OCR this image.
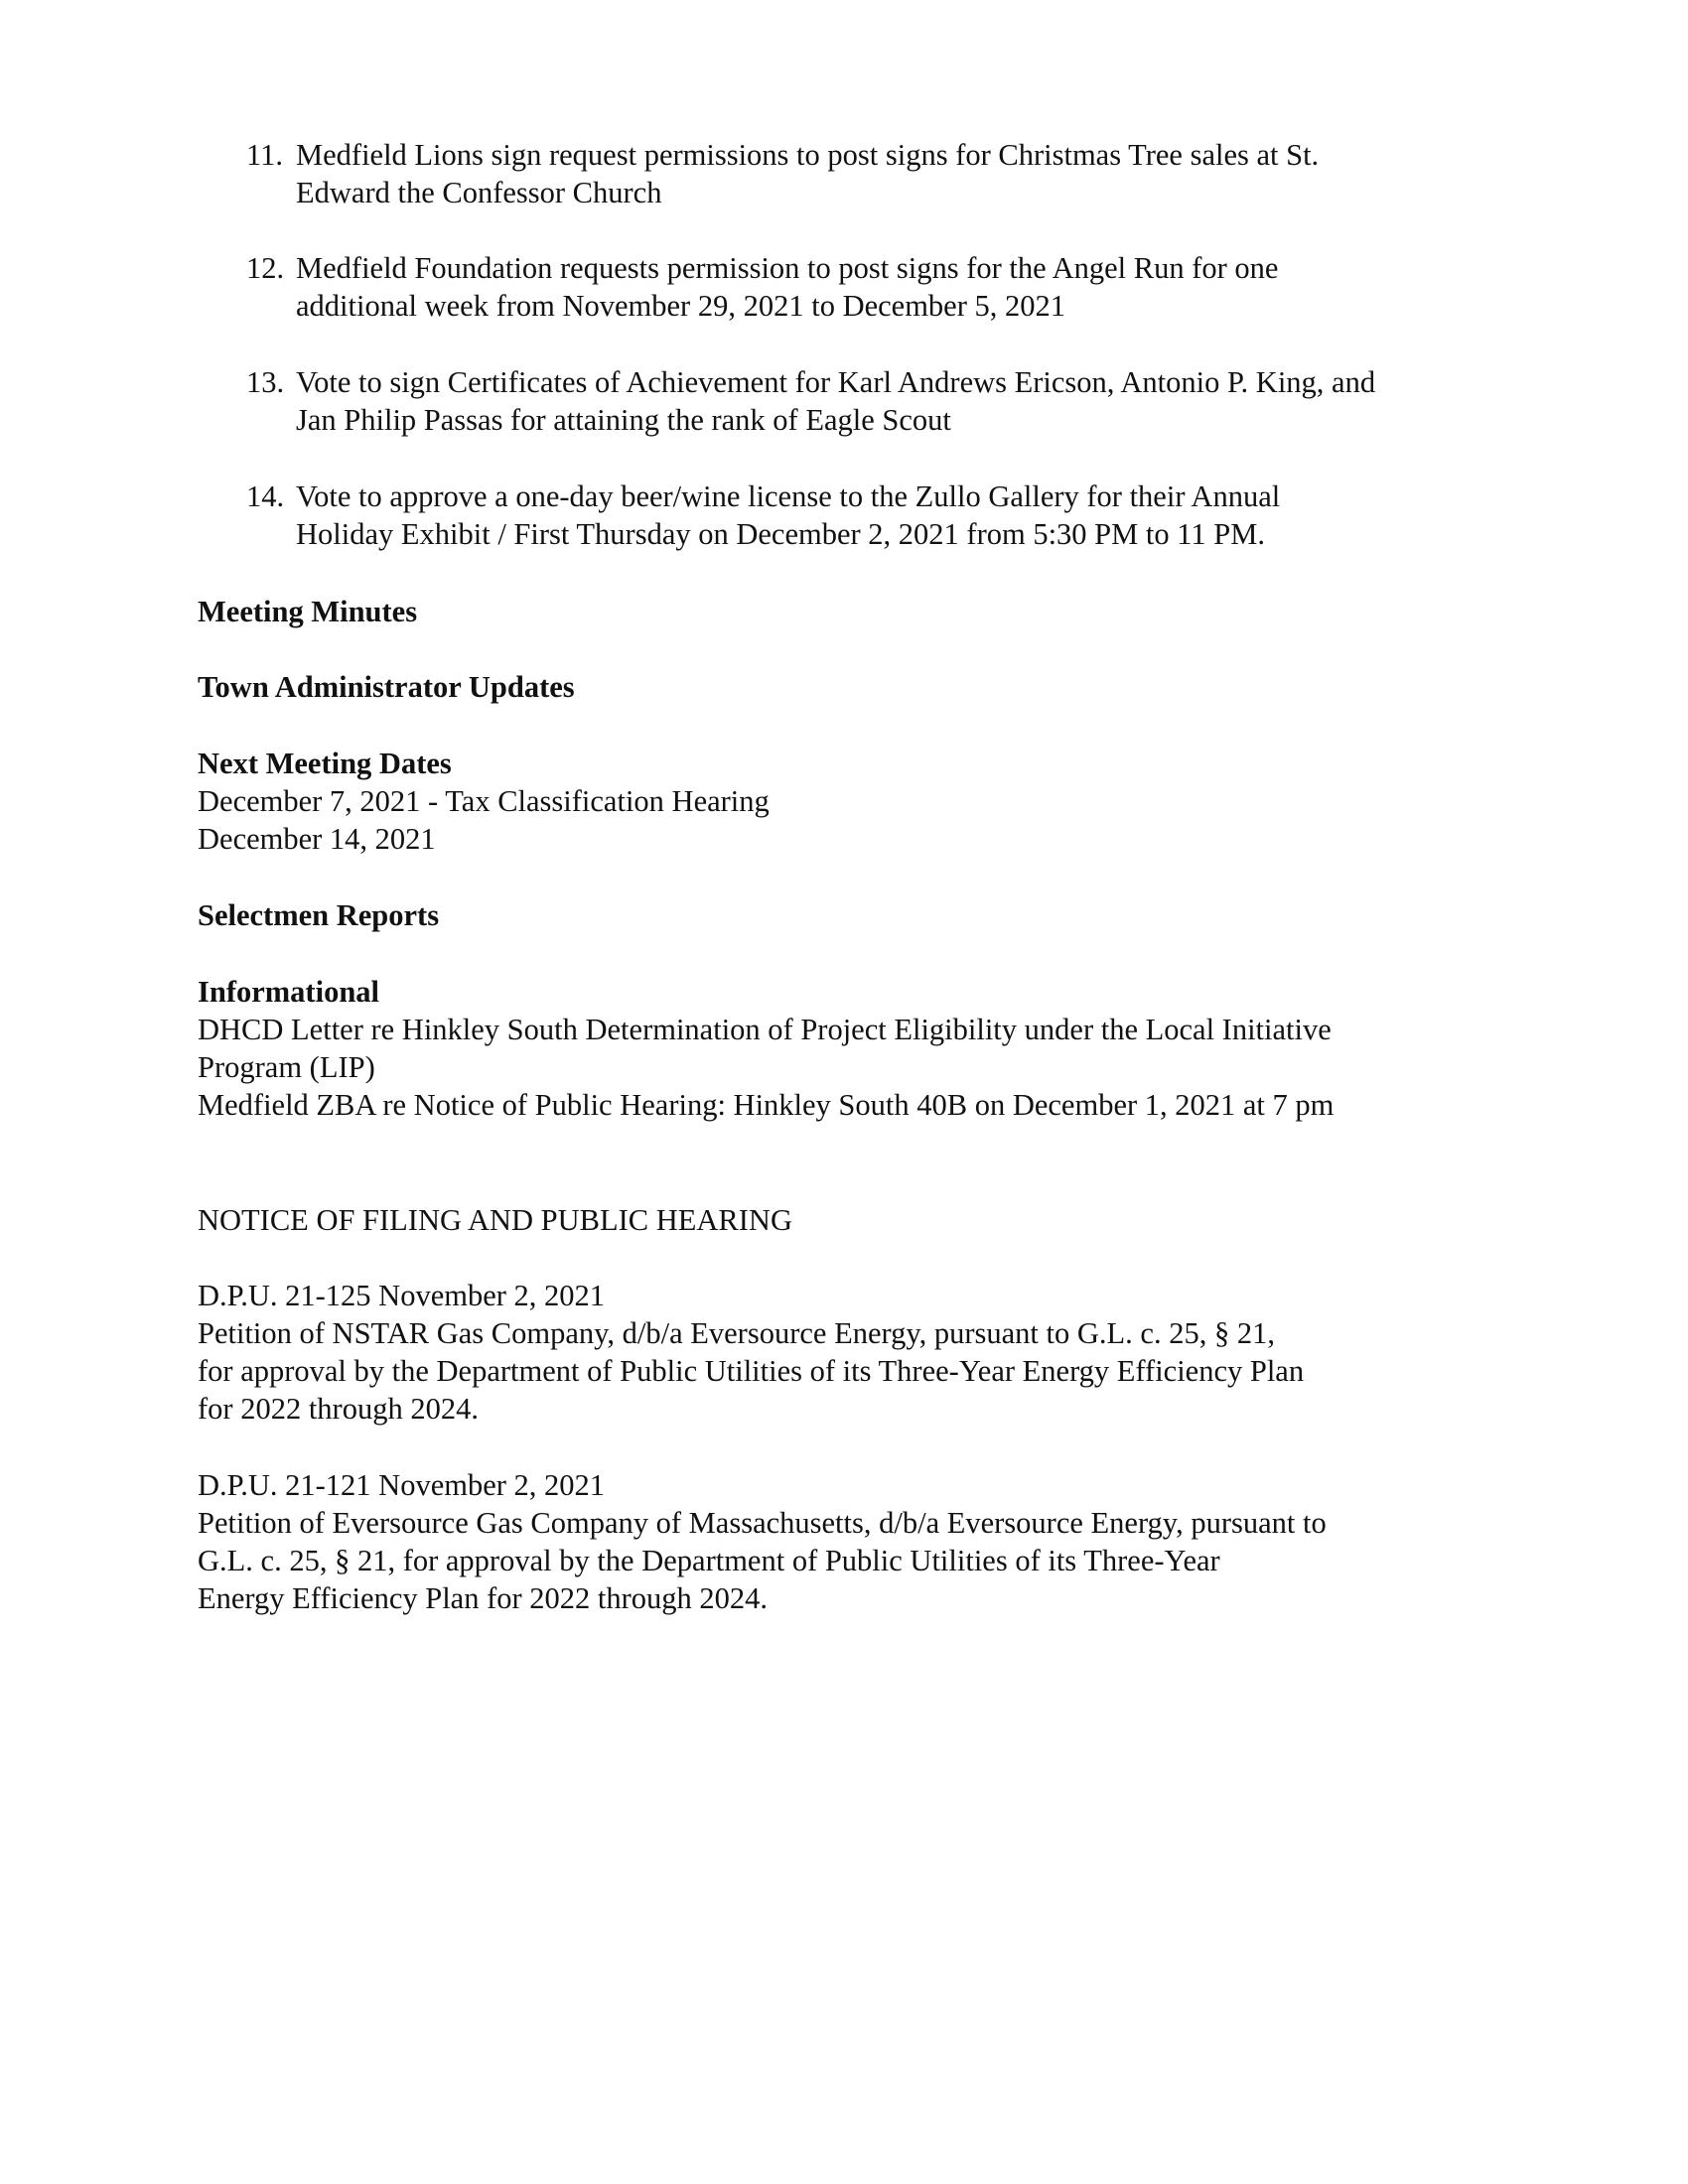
11. Medfield Lions sign request permissions to post signs for Christmas Tree sales at St.
Edward the Confessor Church
12. Medfield Foundation requests permission to post signs for the Angel Run for one
additional week from November 29, 2021 to December 5, 2021
13. Vote to sign Certificates of Achievement for Karl Andrews Ericson, Antonio P. King, and
Jan Philip Passas for attaining the rank of Eagle Scout
14. Vote to approve a one-day beer/wine license to the Zullo Gallery for their Annual
Holiday Exhibit / First Thursday on December 2, 2021 from 5:30 PM to 11 PM.
Meeting Minutes
Town Administrator Updates
Next Meeting Dates
December 7, 2021 - Tax Classification Hearing
December 14, 2021
Selectmen Reports
Informational
DHCD Letter re Hinkley South Determination of Project Eligibility under the Local Initiative
Program (LIP)
Medfield ZBA re Notice of Public Hearing: Hinkley South 40B on December 1, 2021 at 7 pm
NOTICE OF FILING AND PUBLIC HEARING
D.P.U. 21-125 November 2, 2021
Petition of NSTAR Gas Company, d/b/a Eversource Energy, pursuant to G.L. c. 25, § 21,
for approval by the Department of Public Utilities of its Three-Year Energy Efficiency Plan
for 2022 through 2024.
D.P.U. 21-121 November 2, 2021
Petition of Eversource Gas Company of Massachusetts, d/b/a Eversource Energy, pursuant to
G.L. c. 25, § 21, for approval by the Department of Public Utilities of its Three-Year
Energy Efficiency Plan for 2022 through 2024.
